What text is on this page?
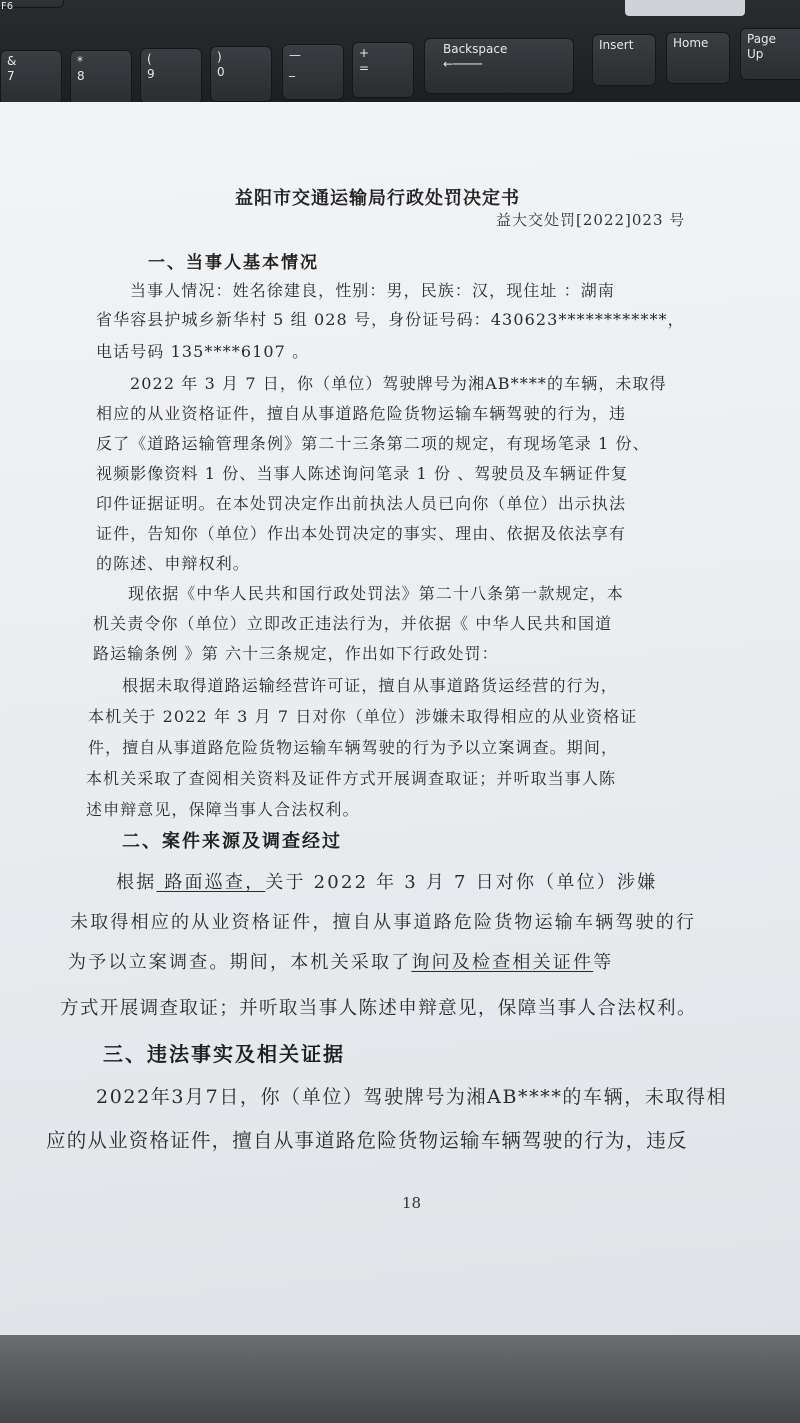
F6
&
7
*
8
(
9
)
0
—
_
+
=
Backspace
←────
Insert	Home	Page
Up
益阳市交通运输局行政处罚决定书
益大交处罚[2022]023 号
一、当事人基本情况
当事人情况：姓名徐建良，性别：男，民族：汉，现住址 ：湖南
省华容县护城乡新华村 5 组 028 号，身份证号码：430623************，
电话号码 135****6107 。
2022 年 3 月 7 日，你（单位）驾驶牌号为湘AB****的车辆，未取得
相应的从业资格证件，擅自从事道路危险货物运输车辆驾驶的行为，违
反了《道路运输管理条例》第二十三条第二项的规定，有现场笔录 1 份、
视频影像资料 1 份、当事人陈述询问笔录 1 份 、驾驶员及车辆证件复
印件证据证明。在本处罚决定作出前执法人员已向你（单位）出示执法
证件，告知你（单位）作出本处罚决定的事实、理由、依据及依法享有
的陈述、申辩权利。
现依据《中华人民共和国行政处罚法》第二十八条第一款规定，本
机关责令你（单位）立即改正违法行为，并依据《 中华人民共和国道
路运输条例 》第 六十三条规定，作出如下行政处罚：
根据未取得道路运输经营许可证，擅自从事道路货运经营的行为，
本机关于 2022 年 3 月 7 日对你（单位）涉嫌未取得相应的从业资格证
件，擅自从事道路危险货物运输车辆驾驶的行为予以立案调查。期间，
本机关采取了查阅相关资料及证件方式开展调查取证；并听取当事人陈
述申辩意见，保障当事人合法权利。
二、案件来源及调查经过
根据 路面巡查，关于 2022 年 3 月 7 日对你（单位）涉嫌
未取得相应的从业资格证件，擅自从事道路危险货物运输车辆驾驶的行
为予以立案调查。期间，本机关采取了询问及检查相关证件等
方式开展调查取证；并听取当事人陈述申辩意见，保障当事人合法权利。
三、违法事实及相关证据
2022年3月7日，你（单位）驾驶牌号为湘AB****的车辆，未取得相
应的从业资格证件，擅自从事道路危险货物运输车辆驾驶的行为，违反
18
